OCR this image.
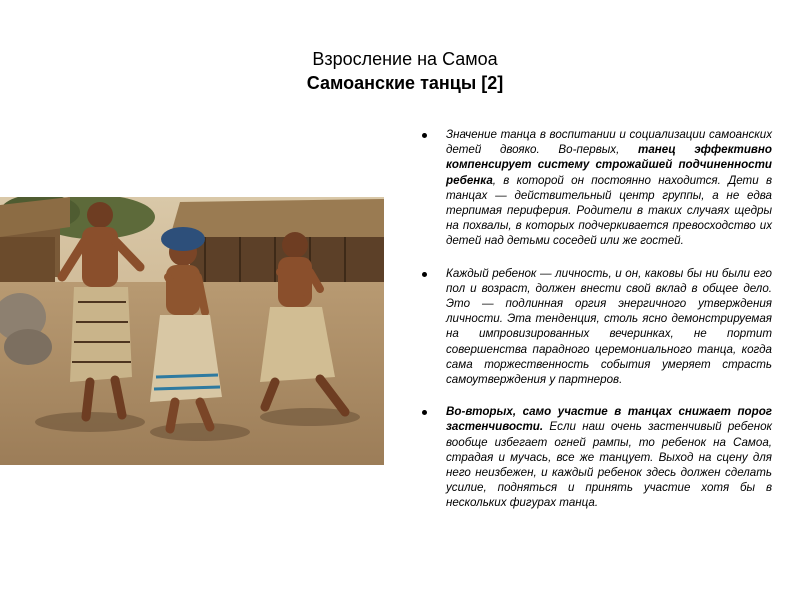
Взросление на Самоа
Самоанские танцы [2]

Значение танца в воспитании и социализации самоанских детей двояко. Во-первых, танец эффективно компенсирует систему строжайшей подчиненности ребенка, в которой он постоянно находится. Дети в танцах — действительный центр группы, а не едва терпимая периферия. Родители в таких случаях щедры на похвалы, в которых подчеркивается превосходство их детей над детьми соседей или же гостей.

Каждый ребенок — личность, и он, каковы бы ни были его пол и возраст, должен внести свой вклад в общее дело. Это — подлинная оргия энергичного утверждения личности. Эта тенденция, столь ясно демонстрируемая на импровизированных вечеринках, не портит совершенства парадного церемониального танца, когда сама торжественность события умеряет страсть самоутверждения у партнеров.

Во-вторых, само участие в танцах снижает порог застенчивости. Если наш очень застенчивый ребенок вообще избегает огней рампы, то ребенок на Самоа, страдая и мучась, все же танцует. Выход на сцену для него неизбежен, и каждый ребенок здесь должен сделать усилие, подняться и принять участие хотя бы в нескольких фигурах танца.
